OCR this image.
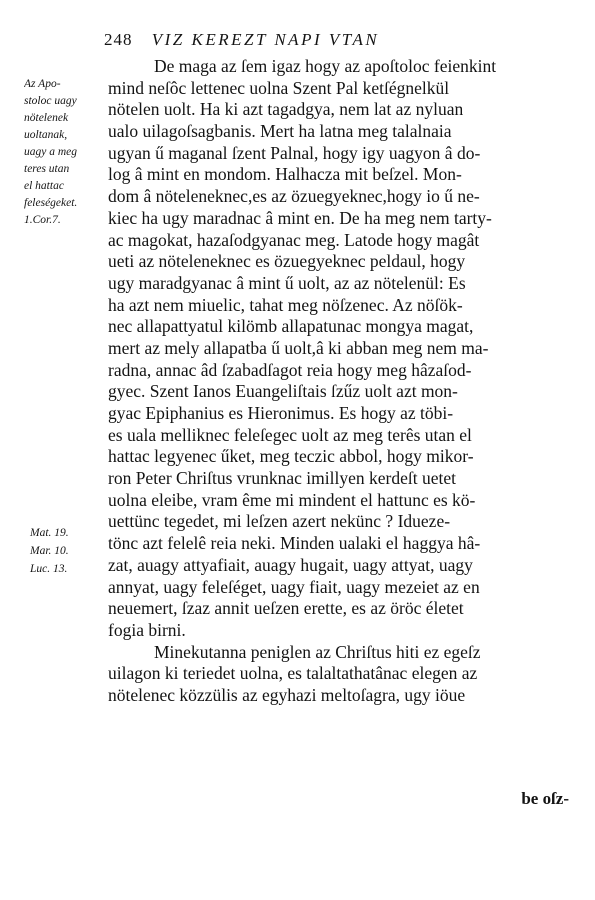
248 VIZ KEREZT NAPI VTAN
Az Apo-
stoloc uagy
nötelenek
uoltanak,
uagy a meg
teres utan
el hattac
feleségeket.
1.Cor.7.
Mat. 19.
Mar. 10.
Luc. 13.
De maga az ſem igaz hogy az apoſtoloc feienkint
mind neſôc lettenec uolna Szent Pal ketſégnelkül
nötelen uolt. Ha ki azt tagadgya, nem lat az nyluan
ualo uilagoſsagbanis. Mert ha latna meg talalnaia
ugyan ű maganal ſzent Palnal, hogy igy uagyon â do-
log â mint en mondom. Halhacza mit beſzel. Mon-
dom â nöteleneknec,es az özuegyeknec,hogy io ű ne-
kiec ha ugy maradnac â mint en. De ha meg nem tarty-
ac magokat, hazaſodgyanac meg. Latode hogy magât
ueti az nöteleneknec es özuegyeknec peldaul, hogy
ugy maradgyanac â mint ű uolt, az az nötelenül: Es
ha azt nem miuelic, tahat meg nöſzenec. Az nöſök-
nec allapattyatul kilömb allapatunac mongya magat,
mert az mely allapatba ű uolt,â ki abban meg nem ma-
radna, annac âd ſzabadſagot reia hogy meg hâzaſod-
gyec. Szent Ianos Euangeliſtais ſzűz uolt azt mon-
gyac Epiphanius es Hieronimus. Es hogy az töbi-
es uala melliknec feleſegec uolt az meg terês utan el
hattac legyenec űket, meg teczic abbol, hogy mikor-
ron Peter Chriſtus vrunknac imillyen kerdeſt uetet
uolna eleibe, vram ême mi mindent el hattunc es kö-
uettünc tegedet, mi leſzen azert nekünc ? Idueze-
tönc azt felelê reia neki. Minden ualaki el haggya hâ-
zat, auagy attyafiait, auagy hugait, uagy attyat, uagy
annyat, uagy feleſéget, uagy fiait, uagy mezeiet az en
neuemert, ſzaz annit ueſzen erette, es az öröc életet
fogia birni.
Minekutanna peniglen az Chriſtus hiti ez egeſz
uilagon ki teriedet uolna, es talaltathatânac elegen az
nötelenec közzülis az egyhazi meltoſagra, ugy iöue
be oſz-
